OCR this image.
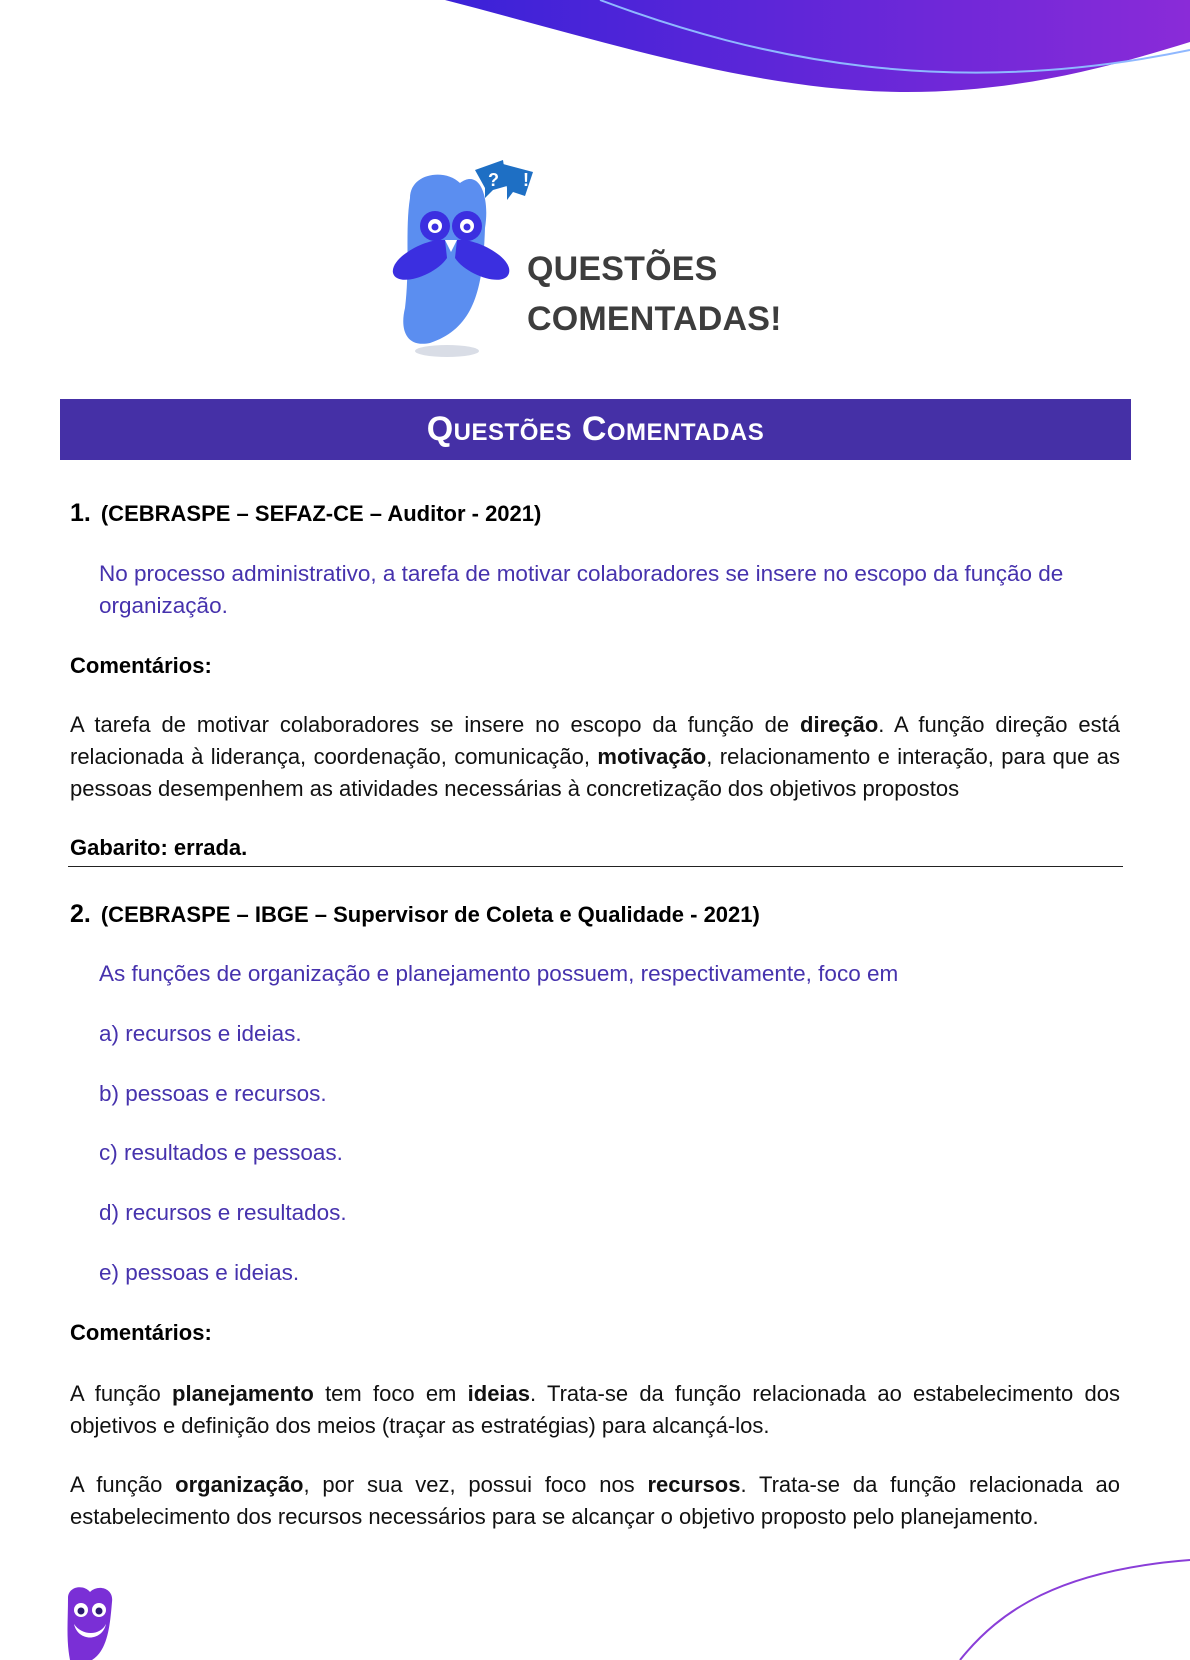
? !
QUESTÕES
COMENTADAS!
Questões Comentadas
1. (CEBRASPE – SEFAZ-CE – Auditor - 2021)
No processo administrativo, a tarefa de motivar colaboradores se insere no escopo da função de organização.
Comentários:
A tarefa de motivar colaboradores se insere no escopo da função de direção. A função direção está relacionada à liderança, coordenação, comunicação, motivação, relacionamento e interação, para que as pessoas desempenhem as atividades necessárias à concretização dos objetivos propostos
Gabarito: errada.
2. (CEBRASPE – IBGE – Supervisor de Coleta e Qualidade - 2021)
As funções de organização e planejamento possuem, respectivamente, foco em
a) recursos e ideias.
b) pessoas e recursos.
c) resultados e pessoas.
d) recursos e resultados.
e) pessoas e ideias.
Comentários:
A função planejamento tem foco em ideias. Trata-se da função relacionada ao estabelecimento dos objetivos e definição dos meios (traçar as estratégias) para alcançá-los.
A função organização, por sua vez, possui foco nos recursos. Trata-se da função relacionada ao estabelecimento dos recursos necessários para se alcançar o objetivo proposto pelo planejamento.
